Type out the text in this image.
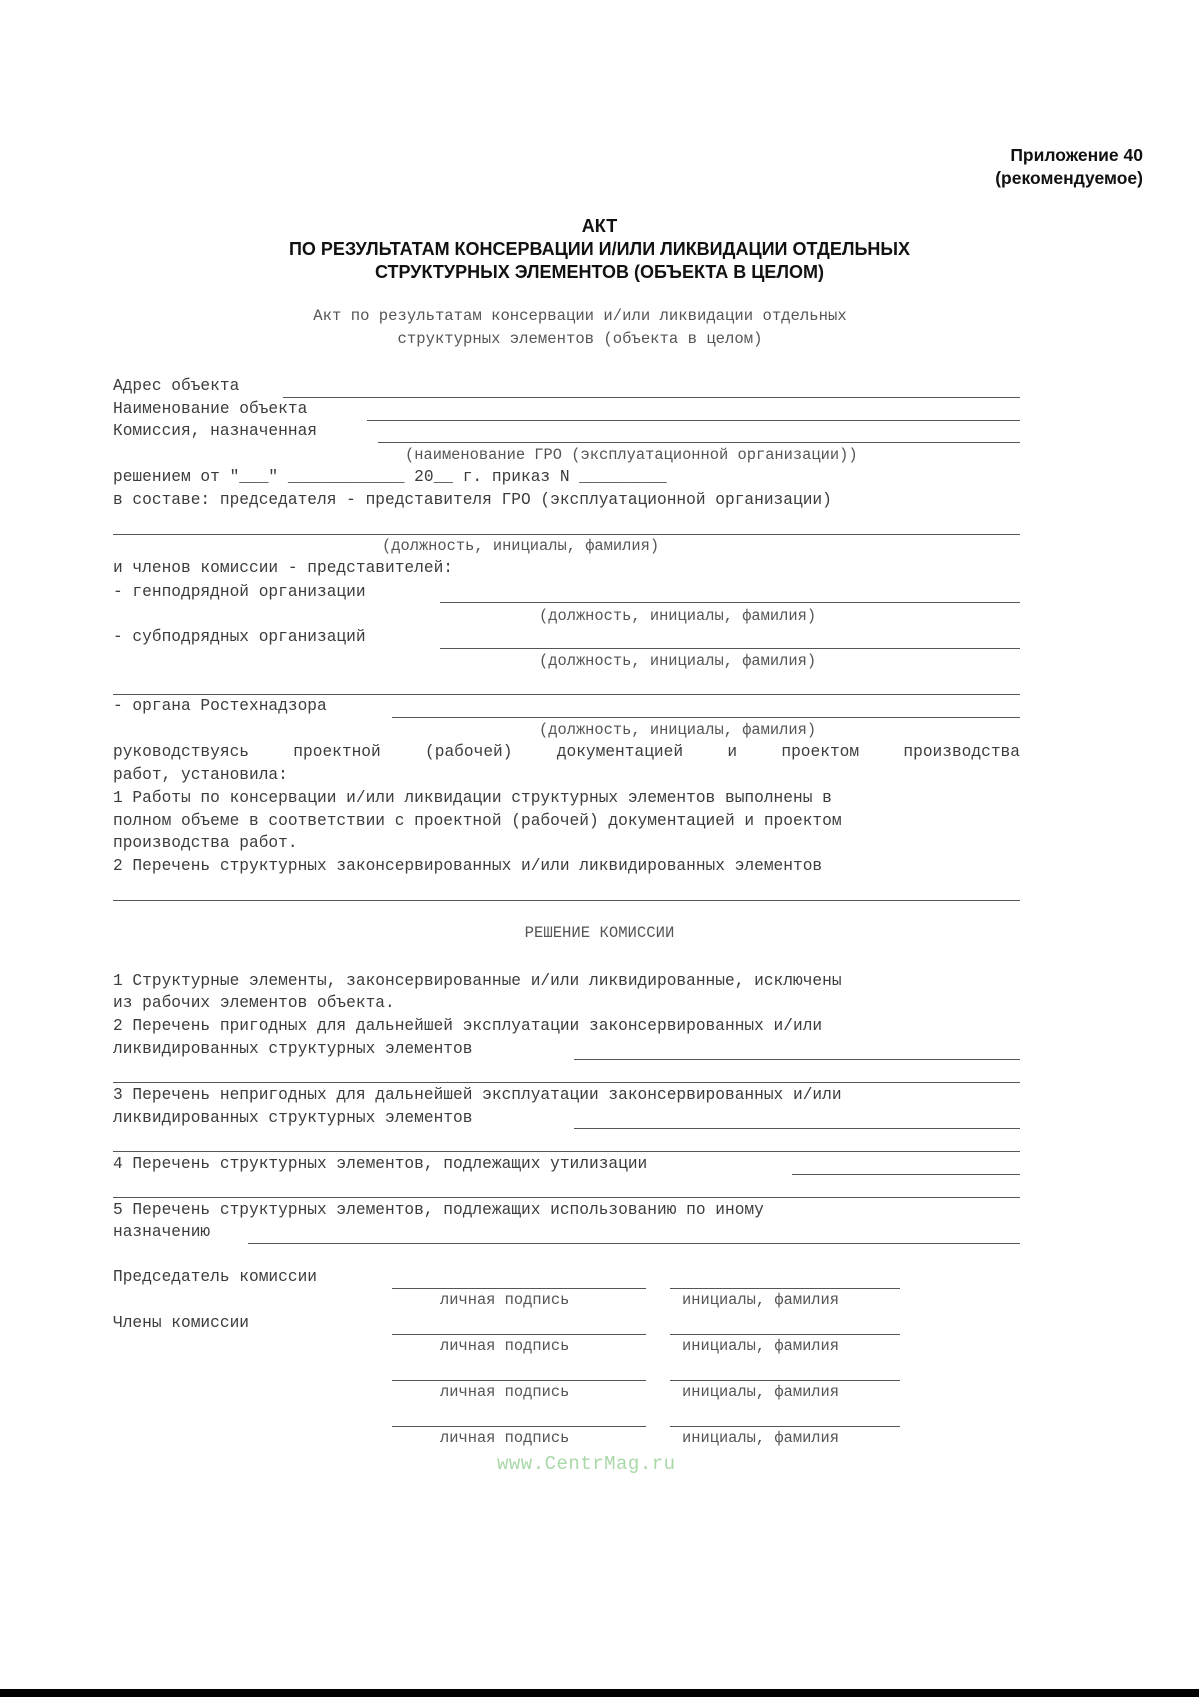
Приложение 40
(рекомендуемое)
АКТ
ПО РЕЗУЛЬТАТАМ КОНСЕРВАЦИИ И/ИЛИ ЛИКВИДАЦИИ ОТДЕЛЬНЫХ
СТРУКТУРНЫХ ЭЛЕМЕНТОВ (ОБЪЕКТА В ЦЕЛОМ)
Акт по результатам консервации и/или ликвидации отдельных
структурных элементов (объекта в целом)
Адрес объекта
Наименование объекта
Комиссия, назначенная
(наименование ГРО (эксплуатационной организации))
решением от "___" ____________ 20__ г. приказ N _________
в составе: председателя - представителя ГРО (эксплуатационной организации)
(должность, инициалы, фамилия)
и членов комиссии - представителей:
- генподрядной организации
(должность, инициалы, фамилия)
- субподрядных организаций
(должность, инициалы, фамилия)
- органа Ростехнадзора
(должность, инициалы, фамилия)
руководствуясь	проектной	(рабочей)	документацией	и	проектом	производства
работ, установила:
1 Работы по консервации и/или ликвидации структурных элементов выполнены в
полном объеме в соответствии с проектной (рабочей) документацией и проектом
производства работ.
2 Перечень структурных законсервированных и/или ликвидированных элементов
РЕШЕНИЕ КОМИССИИ
1 Структурные элементы, законсервированные и/или ликвидированные, исключены
из рабочих элементов объекта.
2 Перечень пригодных для дальнейшей эксплуатации законсервированных и/или
ликвидированных структурных элементов
3 Перечень непригодных для дальнейшей эксплуатации законсервированных и/или
ликвидированных структурных элементов
4 Перечень структурных элементов, подлежащих утилизации
5 Перечень структурных элементов, подлежащих использованию по иному
назначению
Председатель комиссии
личная подпись	инициалы, фамилия
Члены комиссии
личная подпись	инициалы, фамилия
личная подпись	инициалы, фамилия
личная подпись	инициалы, фамилия
www.CentrMag.ru
